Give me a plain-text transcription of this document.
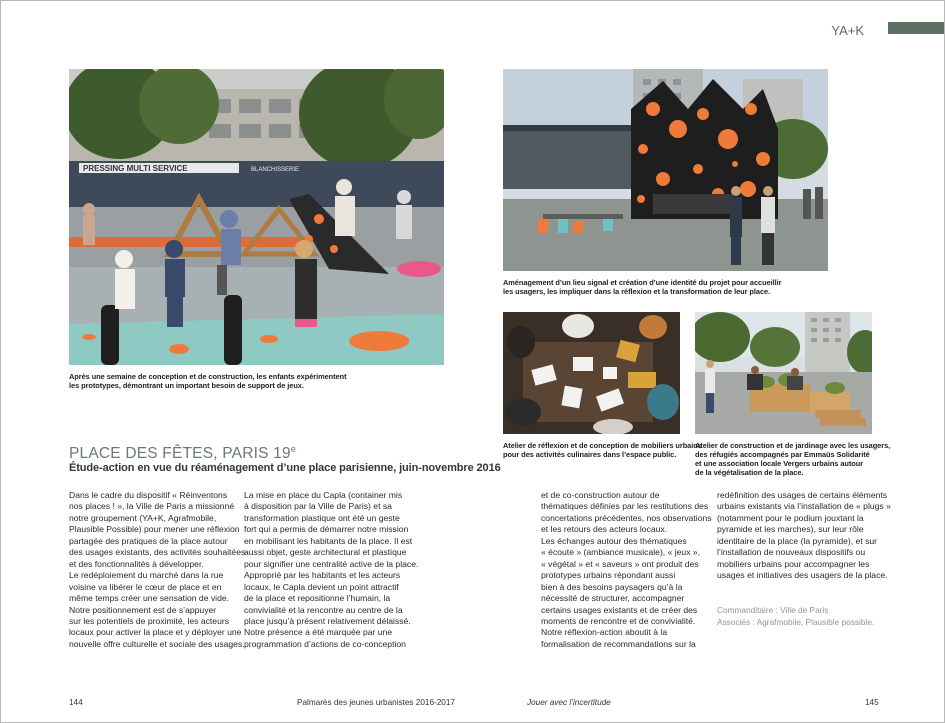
YA+K
PRESSING MULTI SERVICE	BLANCHISSERIE
Après une semaine de conception et de construction, les enfants expérimentent
les prototypes, démontrant un important besoin de support de jeux.
Aménagement d’un lieu signal et création d’une identité du projet pour accueillir
les usagers, les impliquer dans la réflexion et la transformation de leur place.
Atelier de réflexion et de conception de mobiliers urbains
pour des activités culinaires dans l’espace public.
Atelier de construction et de jardinage avec les usagers,
des réfugiés accompagnés par Emmaüs Solidarité
et une association locale Vergers urbains autour
de la végétalisation de la place.
PLACE DES FÊTES, PARIS 19e
Étude-action en vue du réaménagement d’une place parisienne, juin-novembre 2016
Dans le cadre du dispositif « Réinventons
nos places ! », la Ville de Paris a missionné
notre groupement (YA+K, Agrafmobile,
Plausible Possible) pour mener une réflexion
partagée des pratiques de la place autour
des usages existants, des activités souhaitées
et des fonctionnalités à développer.
Le redéploiement du marché dans la rue
voisine va libérer le cœur de place et en
même temps créer une sensation de vide.
Notre positionnement est de s’appuyer
sur les potentiels de proximité, les acteurs
locaux pour activer la place et y déployer une
nouvelle offre culturelle et sociale des usages.
La mise en place du Capla (container mis
à disposition par la Ville de Paris) et sa
transformation plastique ont été un geste
fort qui a permis de démarrer notre mission
en mobilisant les habitants de la place. Il est
aussi objet, geste architectural et plastique
pour signifier une centralité active de la place.
Approprié par les habitants et les acteurs
locaux, le Capla devient un point attractif
de la place et repositionne l’humain, la
convivialité et la rencontre au centre de la
place jusqu’à présent relativement délaissé.
Notre présence a été marquée par une
programmation d’actions de co-conception
et de co-construction autour de
thématiques définies par les restitutions des
concertations précédentes, nos observations
et les retours des acteurs locaux.
Les échanges autour des thématiques
« écoute » (ambiance musicale), « jeux »,
« végétal » et « saveurs » ont produit des
prototypes urbains répondant aussi
bien à des besoins paysagers qu’à la
nécessité de structurer, accompagner
certains usages existants et de créer des
moments de rencontre et de convivialité.
Notre réflexion-action aboutit à la
formalisation de recommandations sur la
redéfinition des usages de certains éléments
urbains existants via l’installation de « plugs »
(notamment pour le podium jouxtant la
pyramide et les marches), sur leur rôle
identitaire de la place (la pyramide), et sur
l’installation de nouveaux dispositifs ou
mobiliers urbains pour accompagner les
usages et initiatives des usagers de la place.
Commanditaire : Ville de Paris
Associés : Agrafmobile, Plausible possible.
144	Palmarès des jeunes urbanistes 2016-2017	Jouer avec l’incertitude	145
